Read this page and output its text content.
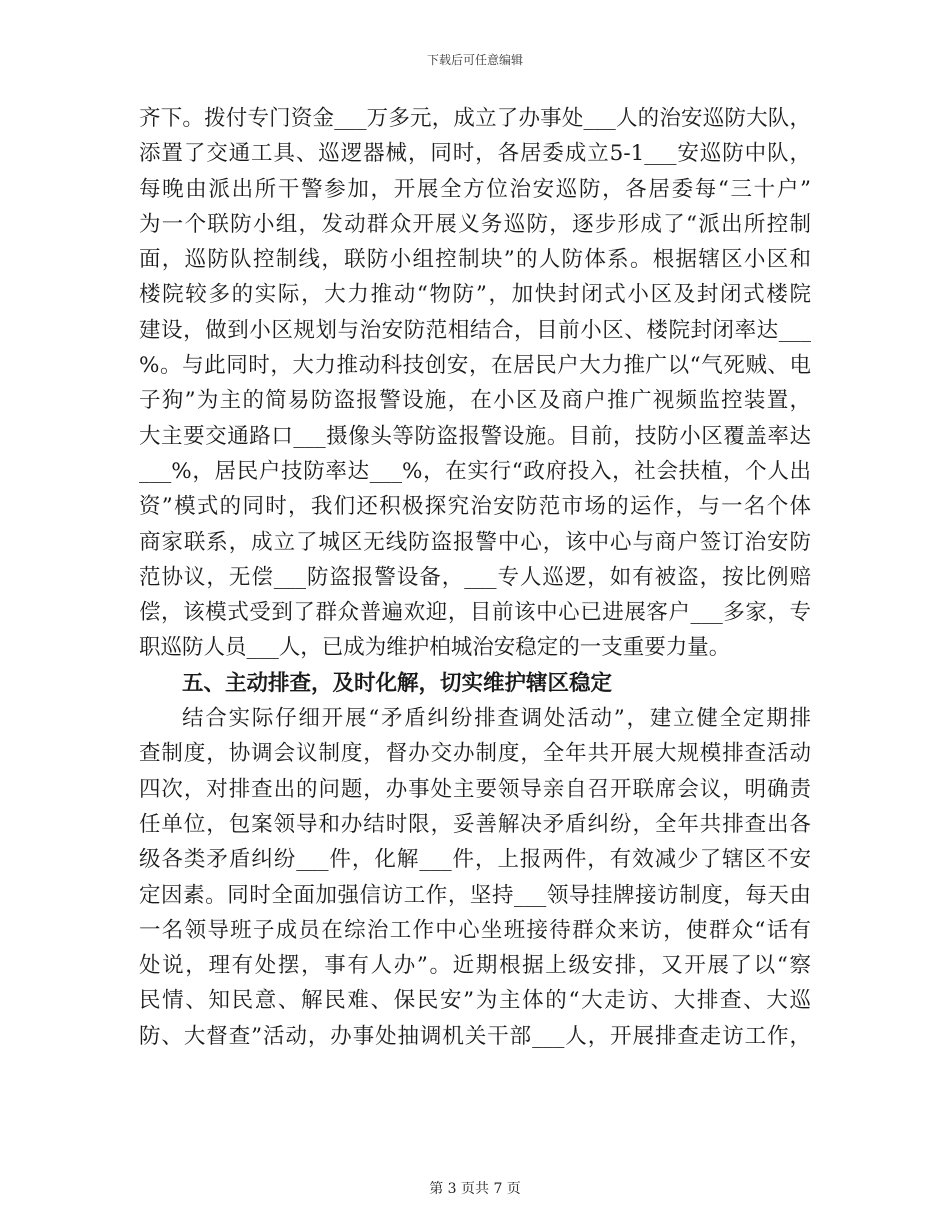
下载后可任意编辑
齐下。拨付专门资金___万多元，成立了办事处___人的治安巡防大队，
添置了交通工具、巡逻器械，同时，各居委成立5-1___安巡防中队，
每晚由派出所干警参加，开展全方位治安巡防，各居委每“三十户”
为一个联防小组，发动群众开展义务巡防，逐步形成了“派出所控制
面，巡防队控制线，联防小组控制块”的人防体系。根据辖区小区和
楼院较多的实际，大力推动“物防”，加快封闭式小区及封闭式楼院
建设，做到小区规划与治安防范相结合，目前小区、楼院封闭率达___
%。与此同时，大力推动科技创安，在居民户大力推广以“气死贼、电
子狗”为主的简易防盗报警设施，在小区及商户推广视频监控装置，
大主要交通路口___摄像头等防盗报警设施。目前，技防小区覆盖率达
___%，居民户技防率达___%，在实行“政府投入，社会扶植，个人出
资”模式的同时，我们还积极探究治安防范市场的运作，与一名个体
商家联系，成立了城区无线防盗报警中心，该中心与商户签订治安防
范协议，无偿___防盗报警设备，___专人巡逻，如有被盗，按比例赔
偿，该模式受到了群众普遍欢迎，目前该中心已进展客户___多家，专
职巡防人员___人，已成为维护柏城治安稳定的一支重要力量。
五、主动排查，及时化解，切实维护辖区稳定
结合实际仔细开展“矛盾纠纷排查调处活动”，建立健全定期排
查制度，协调会议制度，督办交办制度，全年共开展大规模排查活动
四次，对排查出的问题，办事处主要领导亲自召开联席会议，明确责
任单位，包案领导和办结时限，妥善解决矛盾纠纷，全年共排查出各
级各类矛盾纠纷___件，化解___件，上报两件，有效减少了辖区不安
定因素。同时全面加强信访工作，坚持___领导挂牌接访制度，每天由
一名领导班子成员在综治工作中心坐班接待群众来访，使群众“话有
处说，理有处摆，事有人办”。近期根据上级安排，又开展了以“察
民情、知民意、解民难、保民安”为主体的“大走访、大排查、大巡
防、大督查”活动，办事处抽调机关干部___人，开展排查走访工作，
第 3 页共 7 页
